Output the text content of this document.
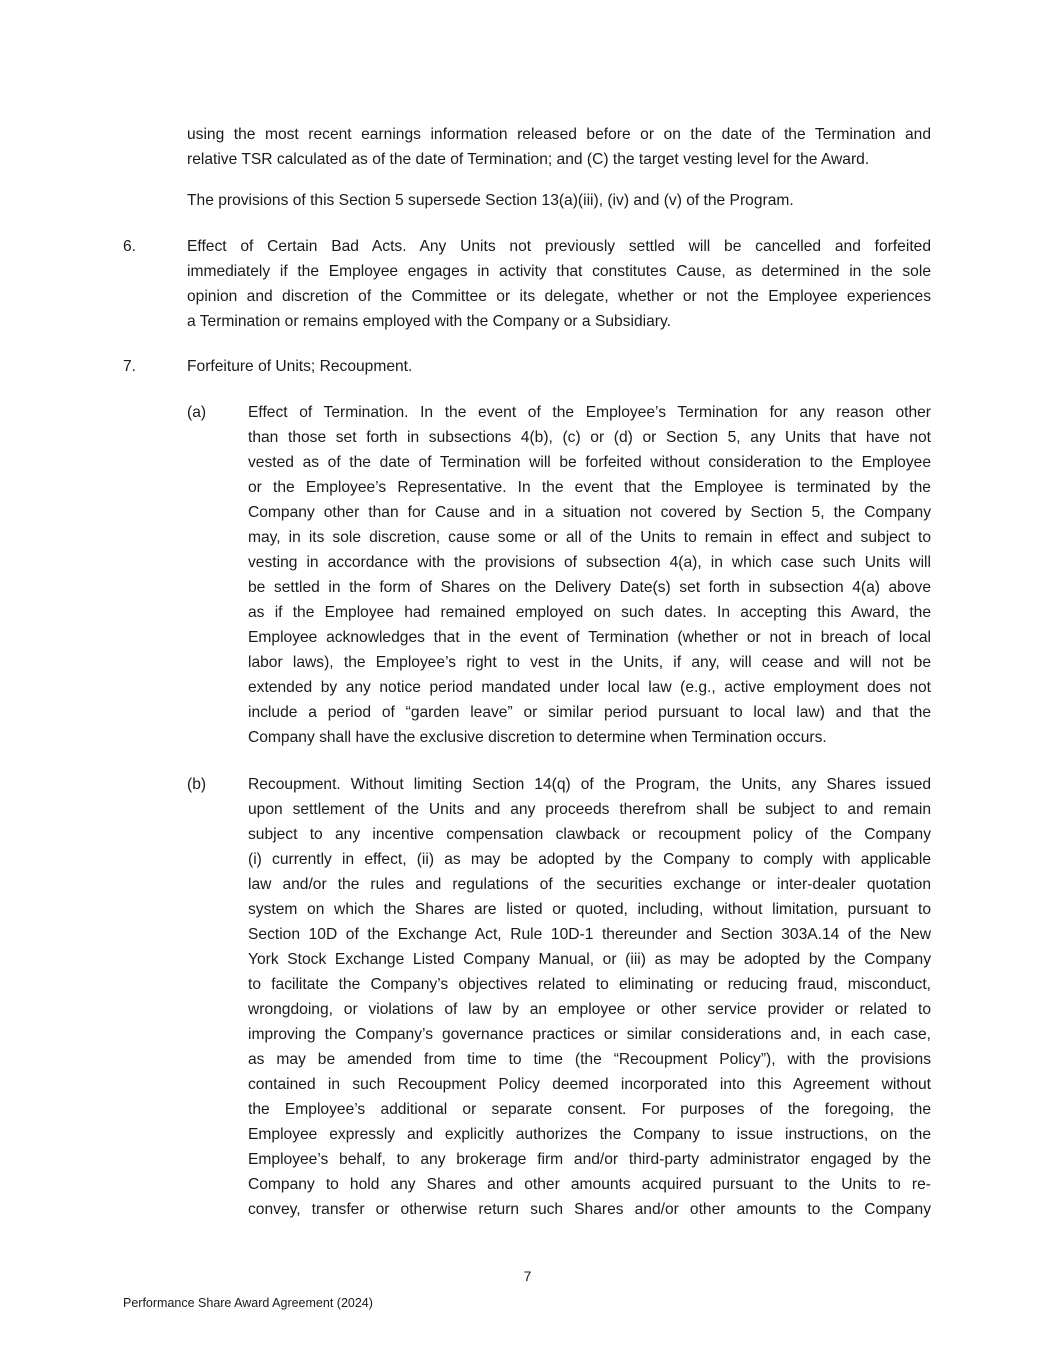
using the most recent earnings information released before or on the date of the Termination and
relative TSR calculated as of the date of Termination; and (C) the target vesting level for the Award.
The provisions of this Section 5 supersede Section 13(a)(iii), (iv) and (v) of the Program.
6.	Effect of Certain Bad Acts. Any Units not previously settled will be cancelled and forfeited
immediately if the Employee engages in activity that constitutes Cause, as determined in the sole
opinion and discretion of the Committee or its delegate, whether or not the Employee experiences
a Termination or remains employed with the Company or a Subsidiary.
7.	Forfeiture of Units; Recoupment.
(a)	Effect of Termination. In the event of the Employee’s Termination for any reason other
than those set forth in subsections 4(b), (c) or (d) or Section 5, any Units that have not
vested as of the date of Termination will be forfeited without consideration to the Employee
or the Employee’s Representative. In the event that the Employee is terminated by the
Company other than for Cause and in a situation not covered by Section 5, the Company
may, in its sole discretion, cause some or all of the Units to remain in effect and subject to
vesting in accordance with the provisions of subsection 4(a), in which case such Units will
be settled in the form of Shares on the Delivery Date(s) set forth in subsection 4(a) above
as if the Employee had remained employed on such dates. In accepting this Award, the
Employee acknowledges that in the event of Termination (whether or not in breach of local
labor laws), the Employee’s right to vest in the Units, if any, will cease and will not be
extended by any notice period mandated under local law (e.g., active employment does not
include a period of “garden leave” or similar period pursuant to local law) and that the
Company shall have the exclusive discretion to determine when Termination occurs.
(b)	Recoupment. Without limiting Section 14(q) of the Program, the Units, any Shares issued
upon settlement of the Units and any proceeds therefrom shall be subject to and remain
subject to any incentive compensation clawback or recoupment policy of the Company
(i) currently in effect, (ii) as may be adopted by the Company to comply with applicable
law and/or the rules and regulations of the securities exchange or inter-dealer quotation
system on which the Shares are listed or quoted, including, without limitation, pursuant to
Section 10D of the Exchange Act, Rule 10D-1 thereunder and Section 303A.14 of the New
York Stock Exchange Listed Company Manual, or (iii) as may be adopted by the Company
to facilitate the Company’s objectives related to eliminating or reducing fraud, misconduct,
wrongdoing, or violations of law by an employee or other service provider or related to
improving the Company’s governance practices or similar considerations and, in each case,
as may be amended from time to time (the “Recoupment Policy”), with the provisions
contained in such Recoupment Policy deemed incorporated into this Agreement without
the Employee’s additional or separate consent. For purposes of the foregoing, the
Employee expressly and explicitly authorizes the Company to issue instructions, on the
Employee’s behalf, to any brokerage firm and/or third-party administrator engaged by the
Company to hold any Shares and other amounts acquired pursuant to the Units to re-
convey, transfer or otherwise return such Shares and/or other amounts to the Company
7
Performance Share Award Agreement (2024)
